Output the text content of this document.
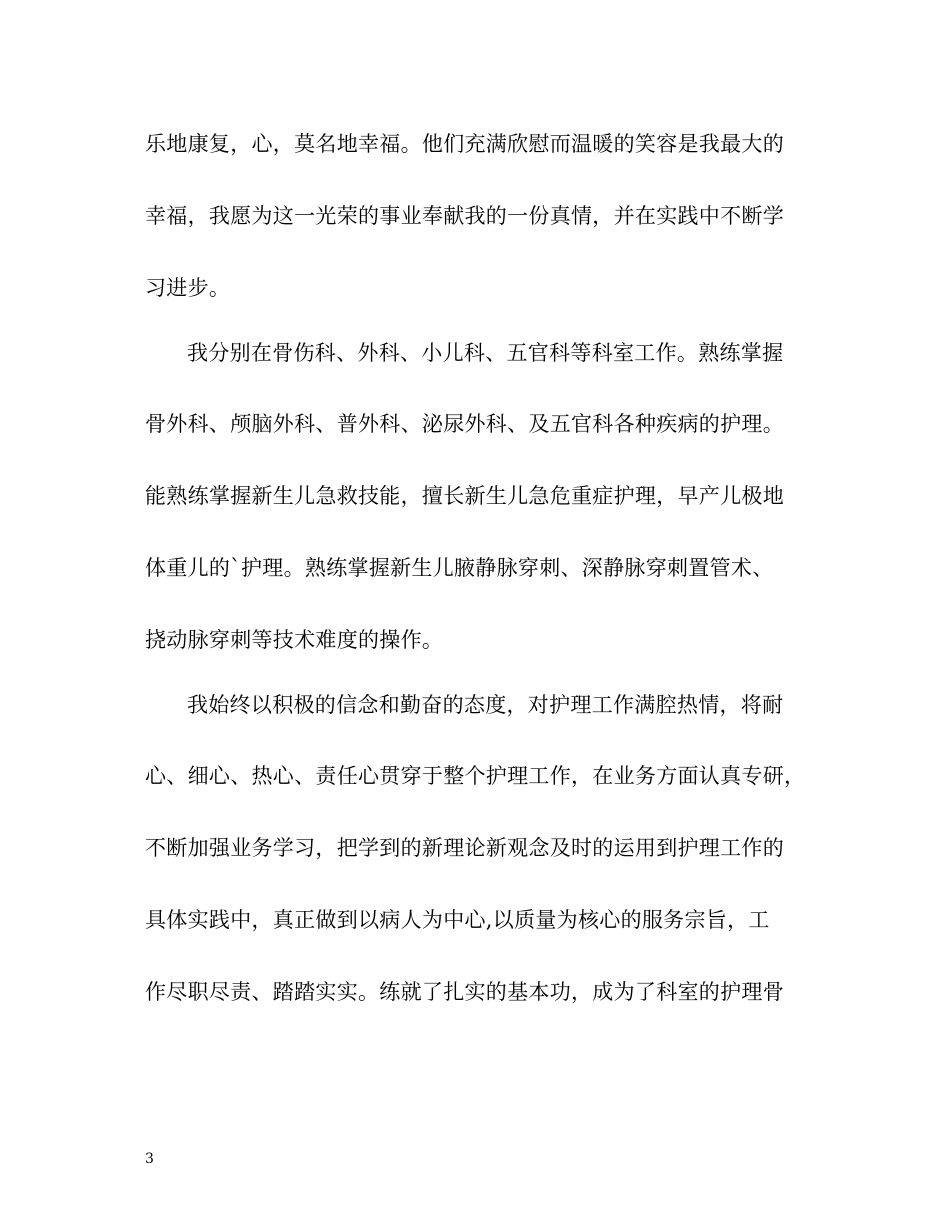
乐地康复，心，莫名地幸福。他们充满欣慰而温暖的笑容是我最大的
幸福，我愿为这一光荣的事业奉献我的一份真情，并在实践中不断学
习进步。
我分别在骨伤科、外科、小儿科、五官科等科室工作。熟练掌握
骨外科、颅脑外科、普外科、泌尿外科、及五官科各种疾病的护理。
能熟练掌握新生儿急救技能，擅长新生儿急危重症护理，早产儿极地
体重儿的`护理。熟练掌握新生儿腋静脉穿刺、深静脉穿刺置管术、
挠动脉穿刺等技术难度的操作。
我始终以积极的信念和勤奋的态度，对护理工作满腔热情，将耐
心、细心、热心、责任心贯穿于整个护理工作，在业务方面认真专研，
不断加强业务学习，把学到的新理论新观念及时的运用到护理工作的
具体实践中，真正做到以病人为中心,以质量为核心的服务宗旨，工
作尽职尽责、踏踏实实。练就了扎实的基本功，成为了科室的护理骨
3
